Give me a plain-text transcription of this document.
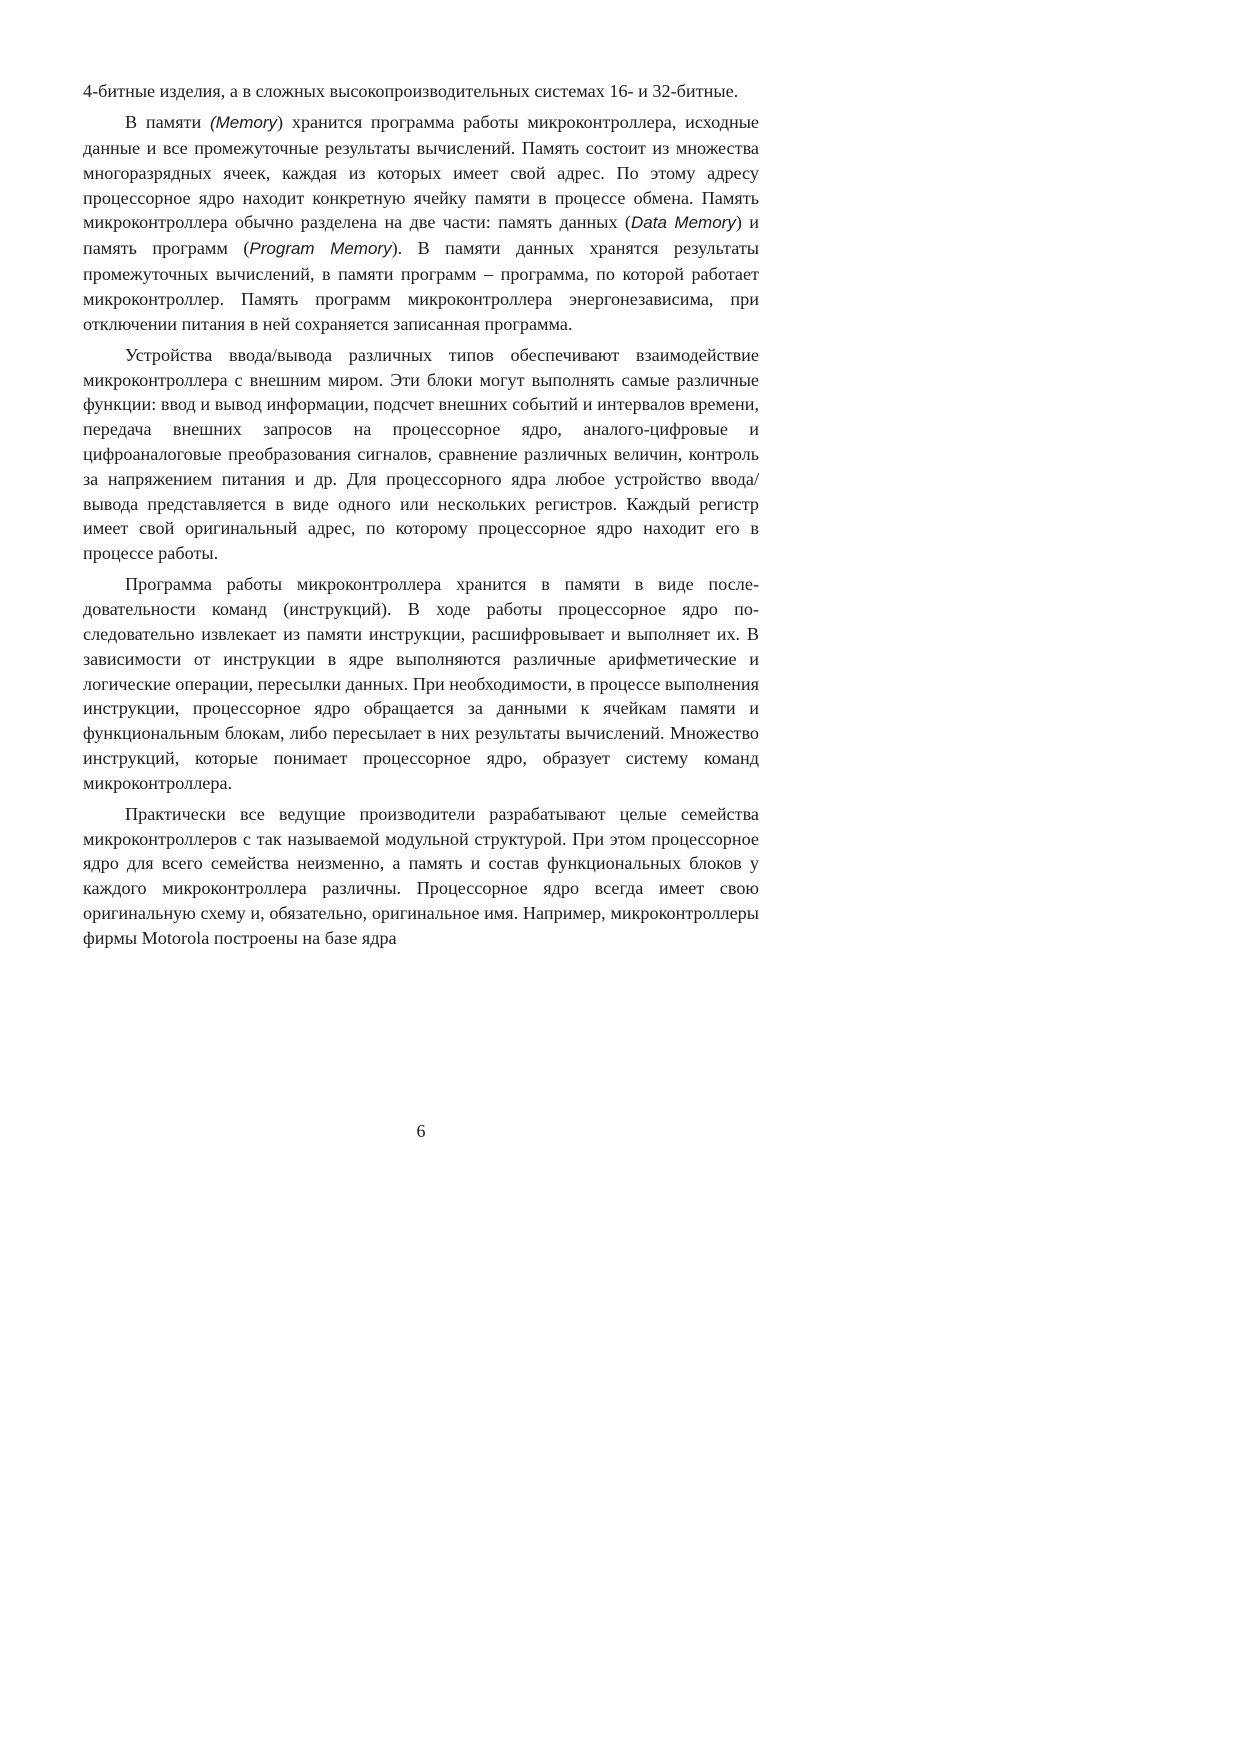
4-битные изделия, а в сложных высокопроизводительных системах 16- и 32-битные.

В памяти (Memory) хранится программа работы микроконтроллера, исходные данные и все промежуточные результаты вычислений. Память состоит из множества многоразрядных ячеек, каждая из которых имеет свой адрес. По этому адресу процессорное ядро находит конкретную ячейку памяти в процессе обмена. Память микроконтроллера обычно разделена на две части: память данных (Data Memory) и память программ (Program Memory). В памяти данных хранятся результаты промежуточных вычислений, в памяти программ – программа, по которой работает микроконтроллер. Память программ микроконтроллера энергонезависима, при отключении питания в ней сохраняется записанная программа.

Устройства ввода/вывода различных типов обеспечивают взаимодействие микроконтроллера с внешним миром. Эти блоки могут выполнять самые различные функции: ввод и вывод информации, подсчет внешних событий и интервалов времени, передача внешних запросов на процессорное ядро, аналого-цифровые и цифроаналоговые преобразования сигналов, сравнение различных величин, контроль за напряжением питания и др. Для процессорного ядра любое устройство ввода/вывода представляется в виде одного или нескольких регистров. Каждый регистр имеет свой оригинальный адрес, по которому процессорное ядро находит его в процессе работы.

Программа работы микроконтроллера хранится в памяти в виде последовательности команд (инструкций). В ходе работы процессорное ядро последовательно извлекает из памяти инструкции, расшифровывает и выполняет их. В зависимости от инструкции в ядре выполняются различные арифметические и логические операции, пересылки данных. При необходимости, в процессе выполнения инструкции, процессорное ядро обращается за данными к ячейкам памяти и функциональным блокам, либо пересылает в них результаты вычислений. Множество инструкций, которые понимает процессорное ядро, образует систему команд микроконтроллера.

Практически все ведущие производители разрабатывают целые семейства микроконтроллеров с так называемой модульной структурой. При этом процессорное ядро для всего семейства неизменно, а память и состав функциональных блоков у каждого микроконтроллера различны. Процессорное ядро всегда имеет свою оригинальную схему и, обязательно, оригинальное имя. Например, микроконтроллеры фирмы Motorola построены на базе ядра

6
